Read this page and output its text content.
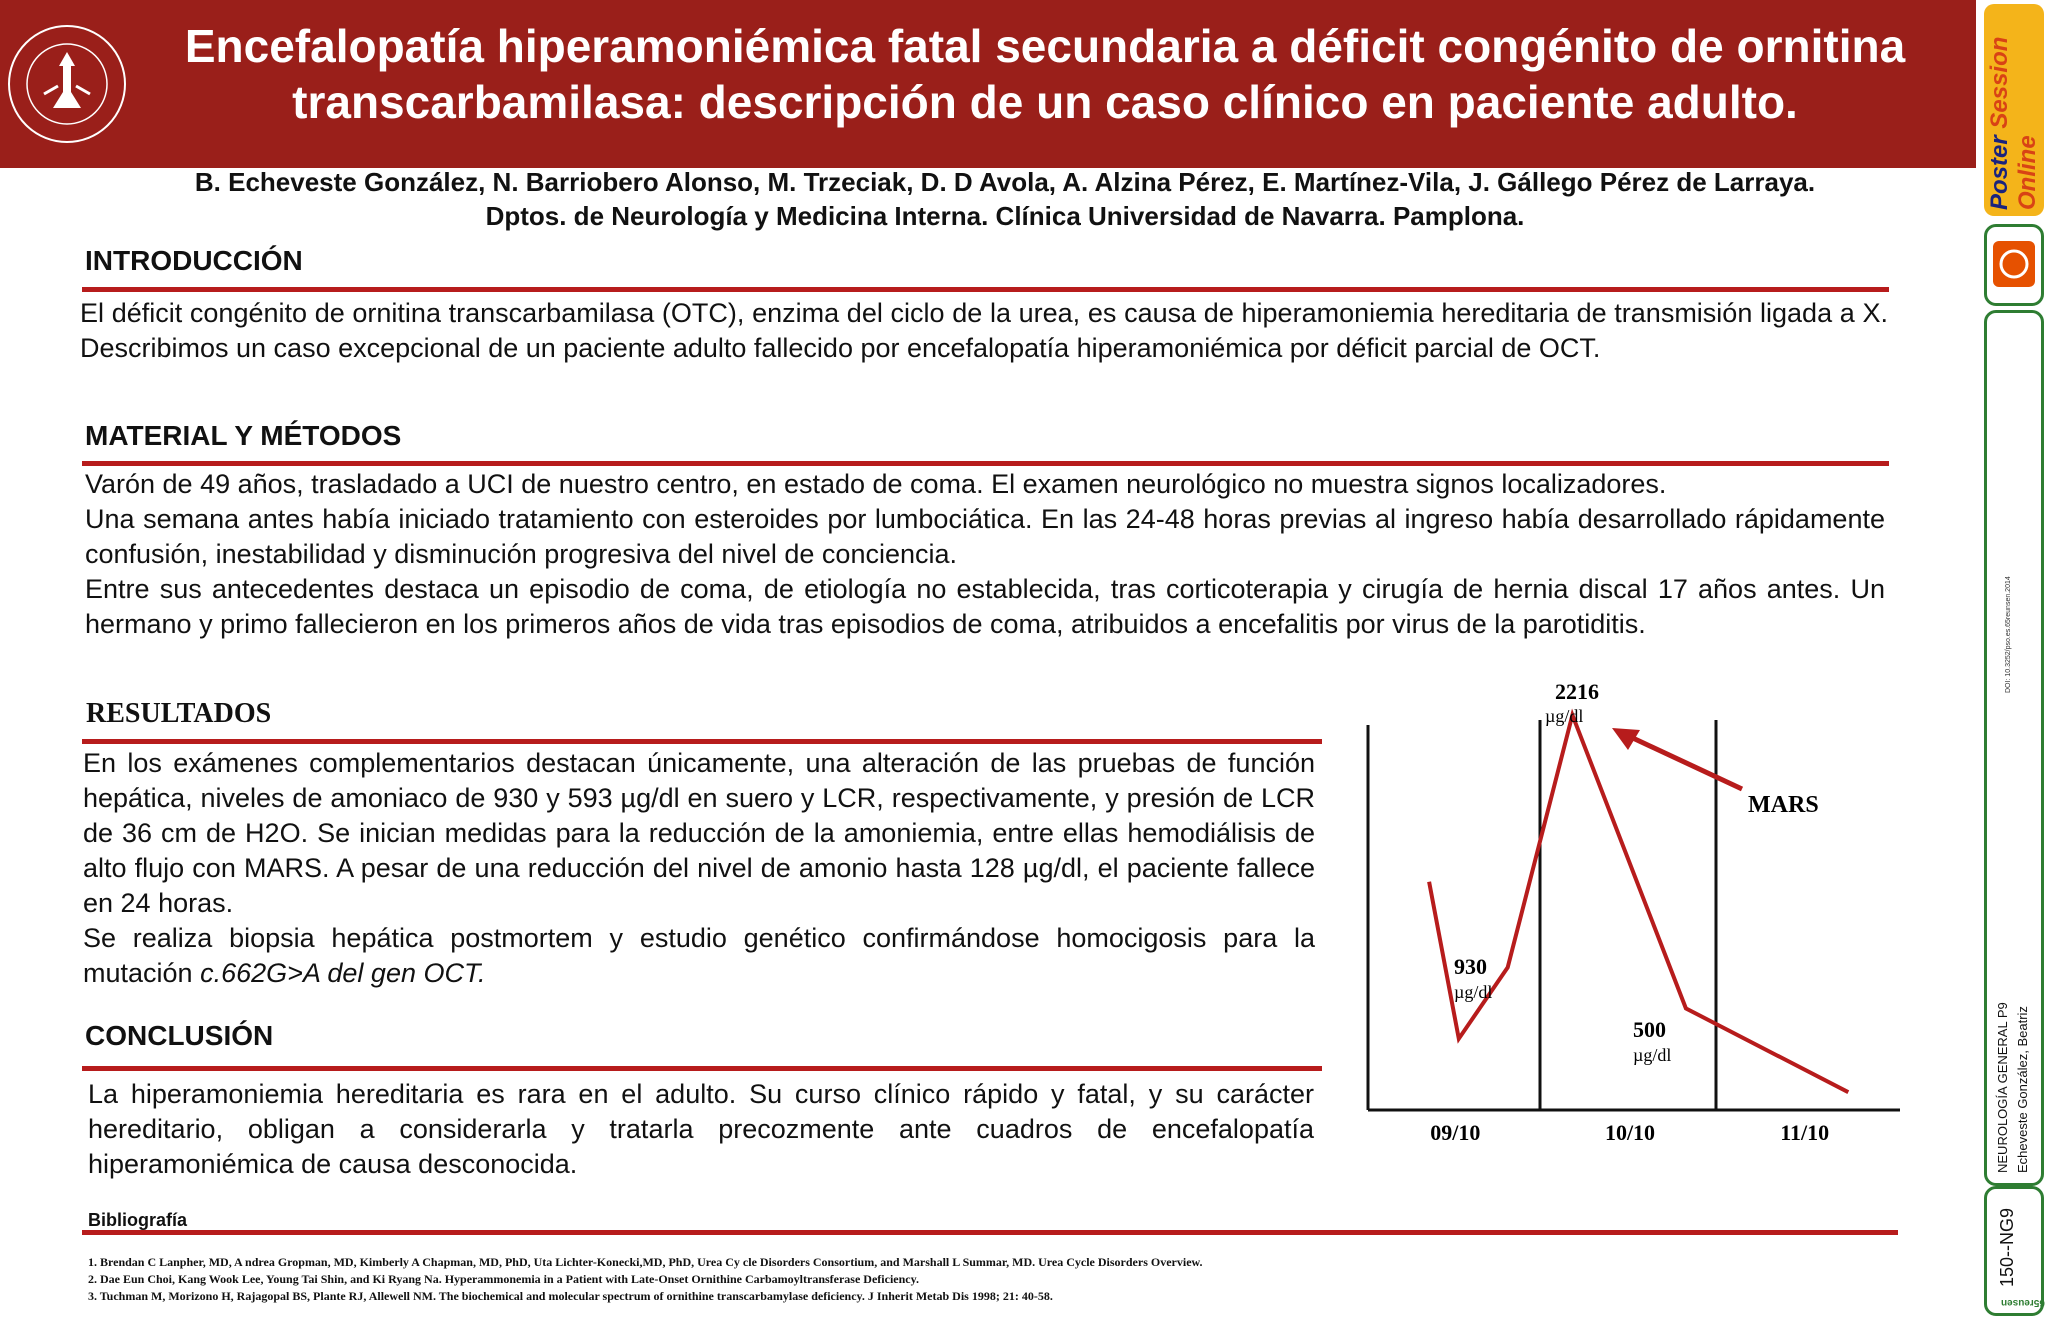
Encefalopatía hiperamoniémica fatal secundaria a déficit congénito de ornitina
transcarbamilasa: descripción de un caso clínico en paciente adulto.
B. Echeveste González, N. Barriobero Alonso, M. Trzeciak, D. D Avola, A. Alzina Pérez, E. Martínez-Vila, J. Gállego Pérez de Larraya.
Dptos. de Neurología y Medicina Interna. Clínica Universidad de Navarra. Pamplona.
INTRODUCCIÓN

El déficit congénito de ornitina transcarbamilasa (OTC), enzima del ciclo de la urea, es causa de hiperamoniemia hereditaria de transmisión ligada a X. Describimos un caso excepcional de un paciente adulto fallecido por encefalopatía hiperamoniémica por déficit parcial de OCT.

MATERIAL Y MÉTODOS

Varón de 49 años, trasladado a UCI de nuestro centro, en estado de coma. El examen neurológico no muestra signos localizadores.

Una semana antes había iniciado tratamiento con esteroides por lumbociática. En las 24-48 horas previas al ingreso había desarrollado rápidamente confusión, inestabilidad y disminución progresiva del nivel de conciencia.

Entre sus antecedentes destaca un episodio de coma, de etiología no establecida, tras corticoterapia y cirugía de hernia discal 17 años antes. Un hermano y primo fallecieron en los primeros años de vida tras episodios de coma, atribuidos a encefalitis por virus de la parotiditis.

RESULTADOS

En los exámenes complementarios destacan únicamente, una alteración de las pruebas de función hepática, niveles de amoniaco de 930 y 593 µg/dl en suero y LCR, respectivamente, y presión de LCR de 36 cm de H2O. Se inician medidas para la reducción de la amoniemia, entre ellas hemodiálisis de alto flujo con MARS. A pesar de una reducción del nivel de amonio hasta 128 µg/dl, el paciente fallece en 24 horas.

Se realiza biopsia hepática postmortem y estudio genético confirmándose homocigosis para la mutación c.662G>A del gen OCT.

CONCLUSIÓN

La hiperamoniemia hereditaria es rara en el adulto. Su curso clínico rápido y fatal, y su carácter hereditario, obligan a considerarla y tratarla precozmente ante cuadros de encefalopatía hiperamoniémica de causa desconocida.

Bibliografía
1. Brendan C Lanpher, MD, A ndrea Gropman, MD, Kimberly A Chapman, MD, PhD, Uta Lichter-Konecki,MD, PhD, Urea Cy cle Disorders Consortium, and Marshall L Summar, MD. Urea Cycle Disorders Overview.
2. Dae Eun Choi, Kang Wook Lee, Young Tai Shin, and Ki Ryang Na. Hyperammonemia in a Patient with Late-Onset Ornithine Carbamoyltransferase Deficiency.
3. Tuchman M, Morizono H, Rajagopal BS, Plante RJ, Allewell NM. The biochemical and molecular spectrum of ornithine transcarbamylase deficiency. J Inherit Metab Dis 1998; 21: 40-58.
09/10	10/10	11/10
2216
µg/dl
930
µg/dl
500
µg/dl
MARS
Poster Session Online
DOI: 10.3252/pso.es.65reunsen.2014
NEUROLOGÍA GENERAL P9 Echeveste González, Beatriz
150--NG9
65reusen
